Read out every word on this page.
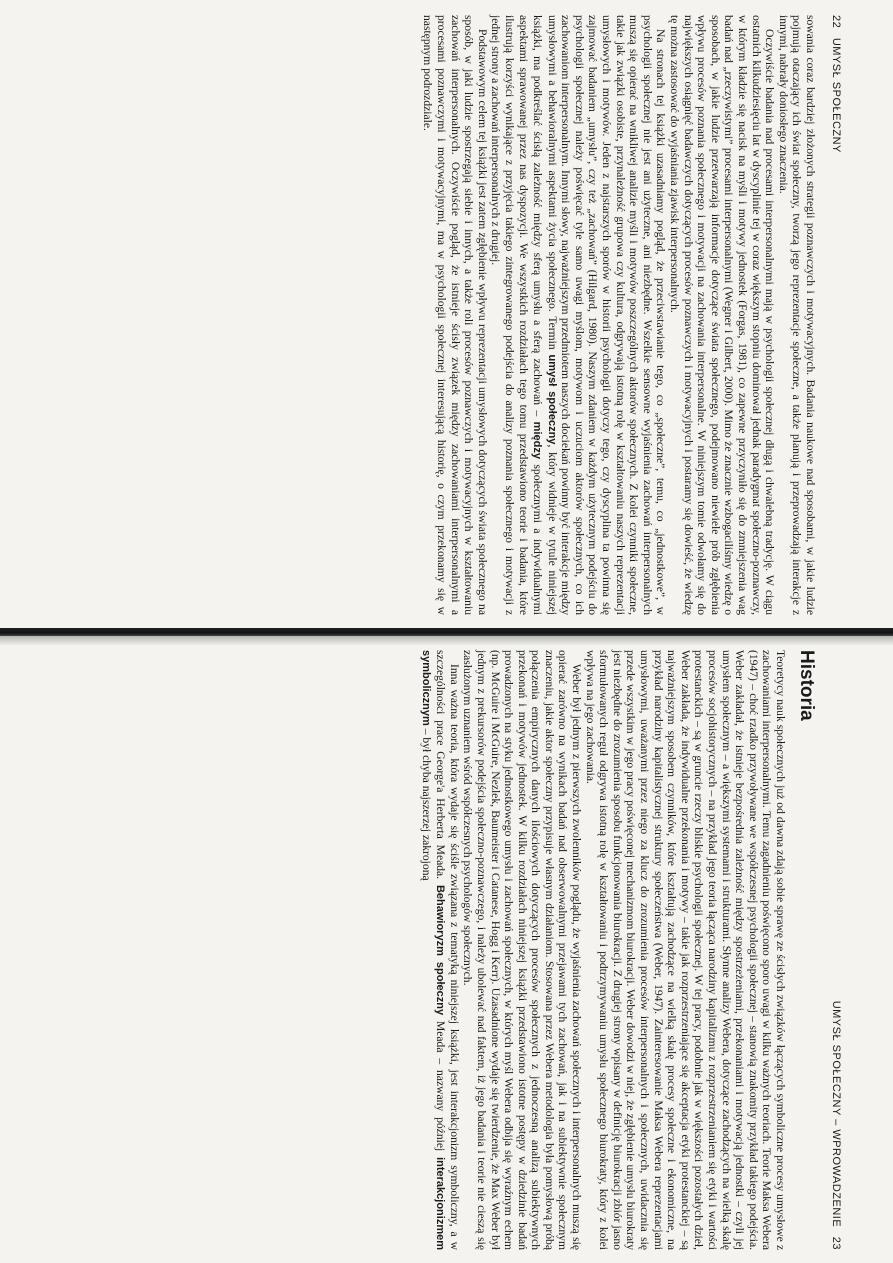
22 UMYSŁ SPOŁECZNY

sowania coraz bardziej złożonych strategii poznawczych i motywacyjnych. Badania naukowe nad sposobami, w jakie ludzie pojmują otaczający ich świat społeczny, tworzą jego reprezentacje społeczne, a także planują i przeprowadzają interakcje z innymi, nabrały doniosłego znaczenia.

Oczywiście badania nad procesami interpersonalnymi mają w psychologii społecznej długą i chwalebną tradycję. W ciągu ostatnich kilkudziesięciu lat w dyscyplinie tej w coraz większym stopniu dominował jednak paradygmat społeczno-poznawczy, w którym kładzie się nacisk na myśli i motywy jednostek (Forgas, 1981), co zapewne przyczyniło się do zmniejszenia wag badań nad „rzeczywistymi” procesami interpersonalnymi (Wegner i Gilbert, 2000). Mimo że znacznie wzbogaciliśmy wiedzę o sposobach, w jakie ludzie przetwarzają informacje dotyczące świata społecznego, podejmowano niewiele prób zgłębienia wpływu procesów poznania społecznego i motywacji na zachowania interpersonalne. W niniejszym tomie odwołamy się do największych osiągnięć badawczych dotyczących procesów poznawczych i motywacyjnych i postaramy się dowieść, że wiedzę tę można zastosować do wyjaśniania zjawisk interpersonalnych.

Na stronach tej książki uzasadniamy pogląd, że przeciwstawianie tego, co „społeczne”, temu, co „jednostkowe”, w psychologii społecznej nie jest ani użyteczne, ani niezbędne. Wszelkie sensowne wyjaśnienia zachowań interpersonalnych muszą się opierać na wnikliwej analizie myśli i motywów poszczególnych aktorów społecznych. Z kolei czynniki społeczne, takie jak związki osobiste, przynależność grupowa czy kultura, odgrywają istotną rolę w kształtowaniu naszych reprezentacji umysłowych i motywów. Jeden z najstarszych sporów w historii psychologii dotyczy tego, czy dyscyplina ta powinna się zajmować badaniem „umysłu”, czy też „zachowań” (Hilgard, 1980). Naszym zdaniem w każdym użytecznym podejściu do psychologii społecznej należy poświęcać tyle samo uwagi myślom, motywom i uczuciom aktorów społecznych, co ich zachowaniom interpersonalnym. Innymi słowy, najważniejszym przedmiotem naszych dociekań powinny być interakcje między umysłowymi a behawioralnymi aspektami życia społecznego. Termin umysł społeczny, który widnieje w tytule niniejszej książki, ma podkreślać ścisłą zależność między sferą umysłu a sferą zachowań – między społecznymi a indywidualnymi aspektami sprawowanej przez nas dyspozycji. We wszystkich rozdziałach tego tomu przedstawiono teorie i badania, które ilustrują korzyści wynikające z przyjęcia takiego zintegrowanego podejścia do analizy poznania społecznego i motywacji z jednej strony a zachowań interpersonalnych z drugiej.

Podstawowym celem tej książki jest zatem zgłębienie wpływu reprezentacji umysłowych dotyczących świata społecznego na sposób, w jaki ludzie spostrzegają siebie i innych, a także roli procesów poznawczych i motywacyjnych w kształtowaniu zachowań interpersonalnych. Oczywiście pogląd, że istnieje ścisły związek między zachowaniami interpersonalnymi a procesami poznawczymi i motywacyjnymi, ma w psychologii społecznej interesującą historię, o czym przekonamy się w następnym podrozdziale.

UMYSŁ SPOŁECZNY – WPROWADZENIE 23
Historia

Teoretycy nauk społecznych już od dawna zdają sobie sprawę ze ścisłych związków łączących symboliczne procesy umysłowe z zachowaniami interpersonalnymi. Temu zagadnieniu poświęcono sporo uwagi w kilku ważnych teoriach. Teorie Maksa Webera (1947) – choć rzadko przywoływane we współczesnej psychologii społecznej – stanowią znakomity przykład takiego podejścia. Weber zakładał, że istnieje bezpośrednia zależność między spostrzeżeniami, przekonaniami i motywacją jednostki – czyli jej umysłem społecznym – a większymi systemami i strukturami. Słynne analizy Webera, dotyczące zachodzących na wielką skalę procesów socjohistorycznych – na przykład jego teoria łącząca narodziny kapitalizmu z rozprzestrzenianiem się etyki i wartości protestanckich – są w gruncie rzeczy bliskie psychologii społecznej. W tej pracy, podobnie jak w większości pozostałych dzieł, Weber zakłada, że indywidualne przekonania i motywy – takie jak rozprzestrzeniające się akceptacja etyki protestanckiej – są najważniejszym sposobem czynników, które kształtują zachodzące na wielką skalę procesy społeczne i ekonomiczne, na przykład narodziny kapitalistycznej struktury społeczeństwa (Weber, 1947). Zainteresowanie Maksa Webera reprezentacjami umysłowymi, uważanymi przez niego za klucz do zrozumienia procesów interpersonalnych i społecznych, uwidacznia się przede wszystkim w jego pracy poświęconej mechanizmom biurokracji. Weber dowodzi w niej, że zgłębienie umysłu biurokraty jest niezbędne do zrozumienia sposobu funkcjonowania biurokracji. Z drugiej strony wpisany w definicję biurokracji zbiór jasno sformułowanych reguł odgrywa istotną rolę w kształtowaniu i podtrzymywaniu umysłu społecznego biurokraty, który z kolei wpływa na jego zachowania.

Weber był jednym z pierwszych zwolenników poglądu, że wyjaśnienia zachowań społecznych i interpersonalnych muszą się opierać zarówno na wynikach badań nad obserwowalnymi przejawami tych zachowań, jak i na subiektywnie społecznym znaczeniu, jakie aktor społeczny przypisuje własnym działaniom. Stosowana przez Webera metodologia była pomysłową próbą połączenia empirycznych danych ilościowych dotyczących procesów społecznych z jednoczesną analizą subiektywnych przekonań i motywów jednostek. W kilku rozdziałach niniejszej książki przedstawiono istotne postępy w dziedzinie badań prowadzonych na styku jednostkowego umysłu i zachowań społecznych, w których myśl Webera odbija się wyraźnym echem (np. McGuire i McGuire, Nezlek, Baumeister i Catanese, Hogg i Kerr). Uzasadnione wydaje się twierdzenie, że Max Weber był jednym z prekursorów podejścia społeczno-poznawczego, i należy ubolewać nad faktem, iż jego badania i teorie nie cieszą się zasłużonym uznaniem wśród współczesnych psychologów społecznych.

Inna ważna teoria, która wydaje się ściśle związana z tematyką niniejszej książki, jest interakcjonizm symboliczny, a w szczególności prace George'a Herberta Meada. Behawioryzm społeczny Meada – nazwany później interakcjonizmem symbolicznym – był chyba najszerzej zakrojoną
